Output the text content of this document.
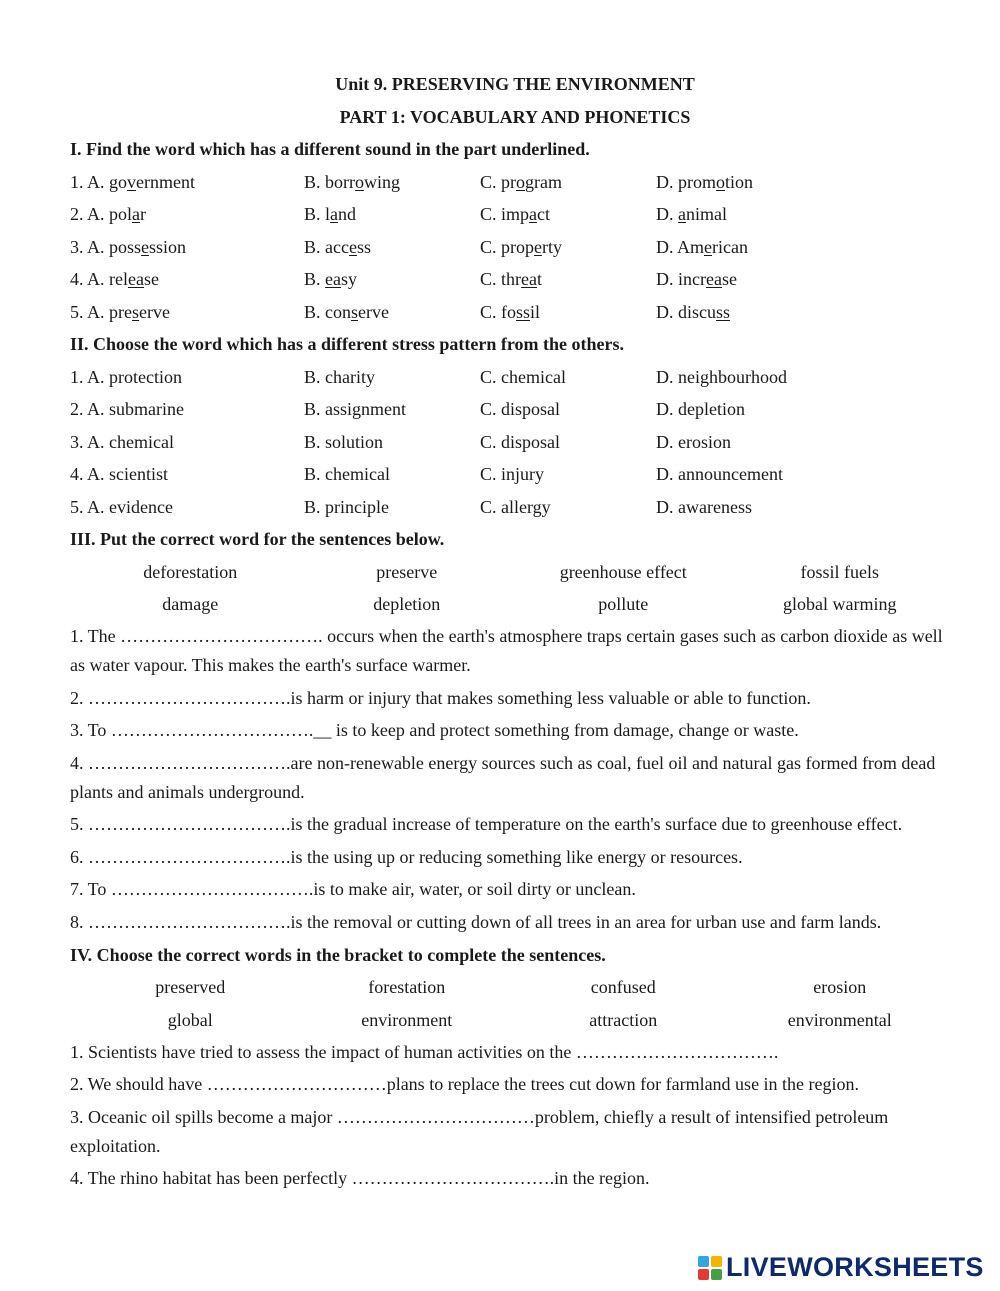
Unit 9. PRESERVING THE ENVIRONMENT
PART 1: VOCABULARY AND PHONETICS
I. Find the word which has a different sound in the part underlined.
1. A. government	B. borrowing	C. program	D. promotion
2. A. polar	B. land	C. impact	D. animal
3. A. possession	B. access	C. property	D. American
4. A. release	B. easy	C. threat	D. increase
5. A. preserve	B. conserve	C. fossil	D. discuss
II. Choose the word which has a different stress pattern from the others.
1. A. protection	B. charity	C. chemical	D. neighbourhood
2. A. submarine	B. assignment	C. disposal	D. depletion
3. A. chemical	B. solution	C. disposal	D. erosion
4. A. scientist	B. chemical	C. injury	D. announcement
5. A. evidence	B. principle	C. allergy	D. awareness
III. Put the correct word for the sentences below.
deforestation	preserve	greenhouse effect	fossil fuels
damage	depletion	pollute	global warming
1. The ……………………………. occurs when the earth's atmosphere traps certain gases such as carbon dioxide as well as water vapour. This makes the earth's surface warmer.
2. …………………………….is harm or injury that makes something less valuable or able to function.
3. To …………………………….__ is to keep and protect something from damage, change or waste.
4. …………………………….are non-renewable energy sources such as coal, fuel oil and natural gas formed from dead plants and animals underground.
5. …………………………….is the gradual increase of temperature on the earth's surface due to greenhouse effect.
6. …………………………….is the using up or reducing something like energy or resources.
7. To …………………………….is to make air, water, or soil dirty or unclean.
8. …………………………….is the removal or cutting down of all trees in an area for urban use and farm lands.
IV. Choose the correct words in the bracket to complete the sentences.
preserved	forestation	confused	erosion
global	environment	attraction	environmental
1. Scientists have tried to assess the impact of human activities on the …………………………….
2. We should have …………………………plans to replace the trees cut down for farmland use in the region.
3. Oceanic oil spills become a major ……………………………problem, chiefly a result of intensified petroleum exploitation.
4. The rhino habitat has been perfectly …………………………….in the region.
LIVEWORKSHEETS
